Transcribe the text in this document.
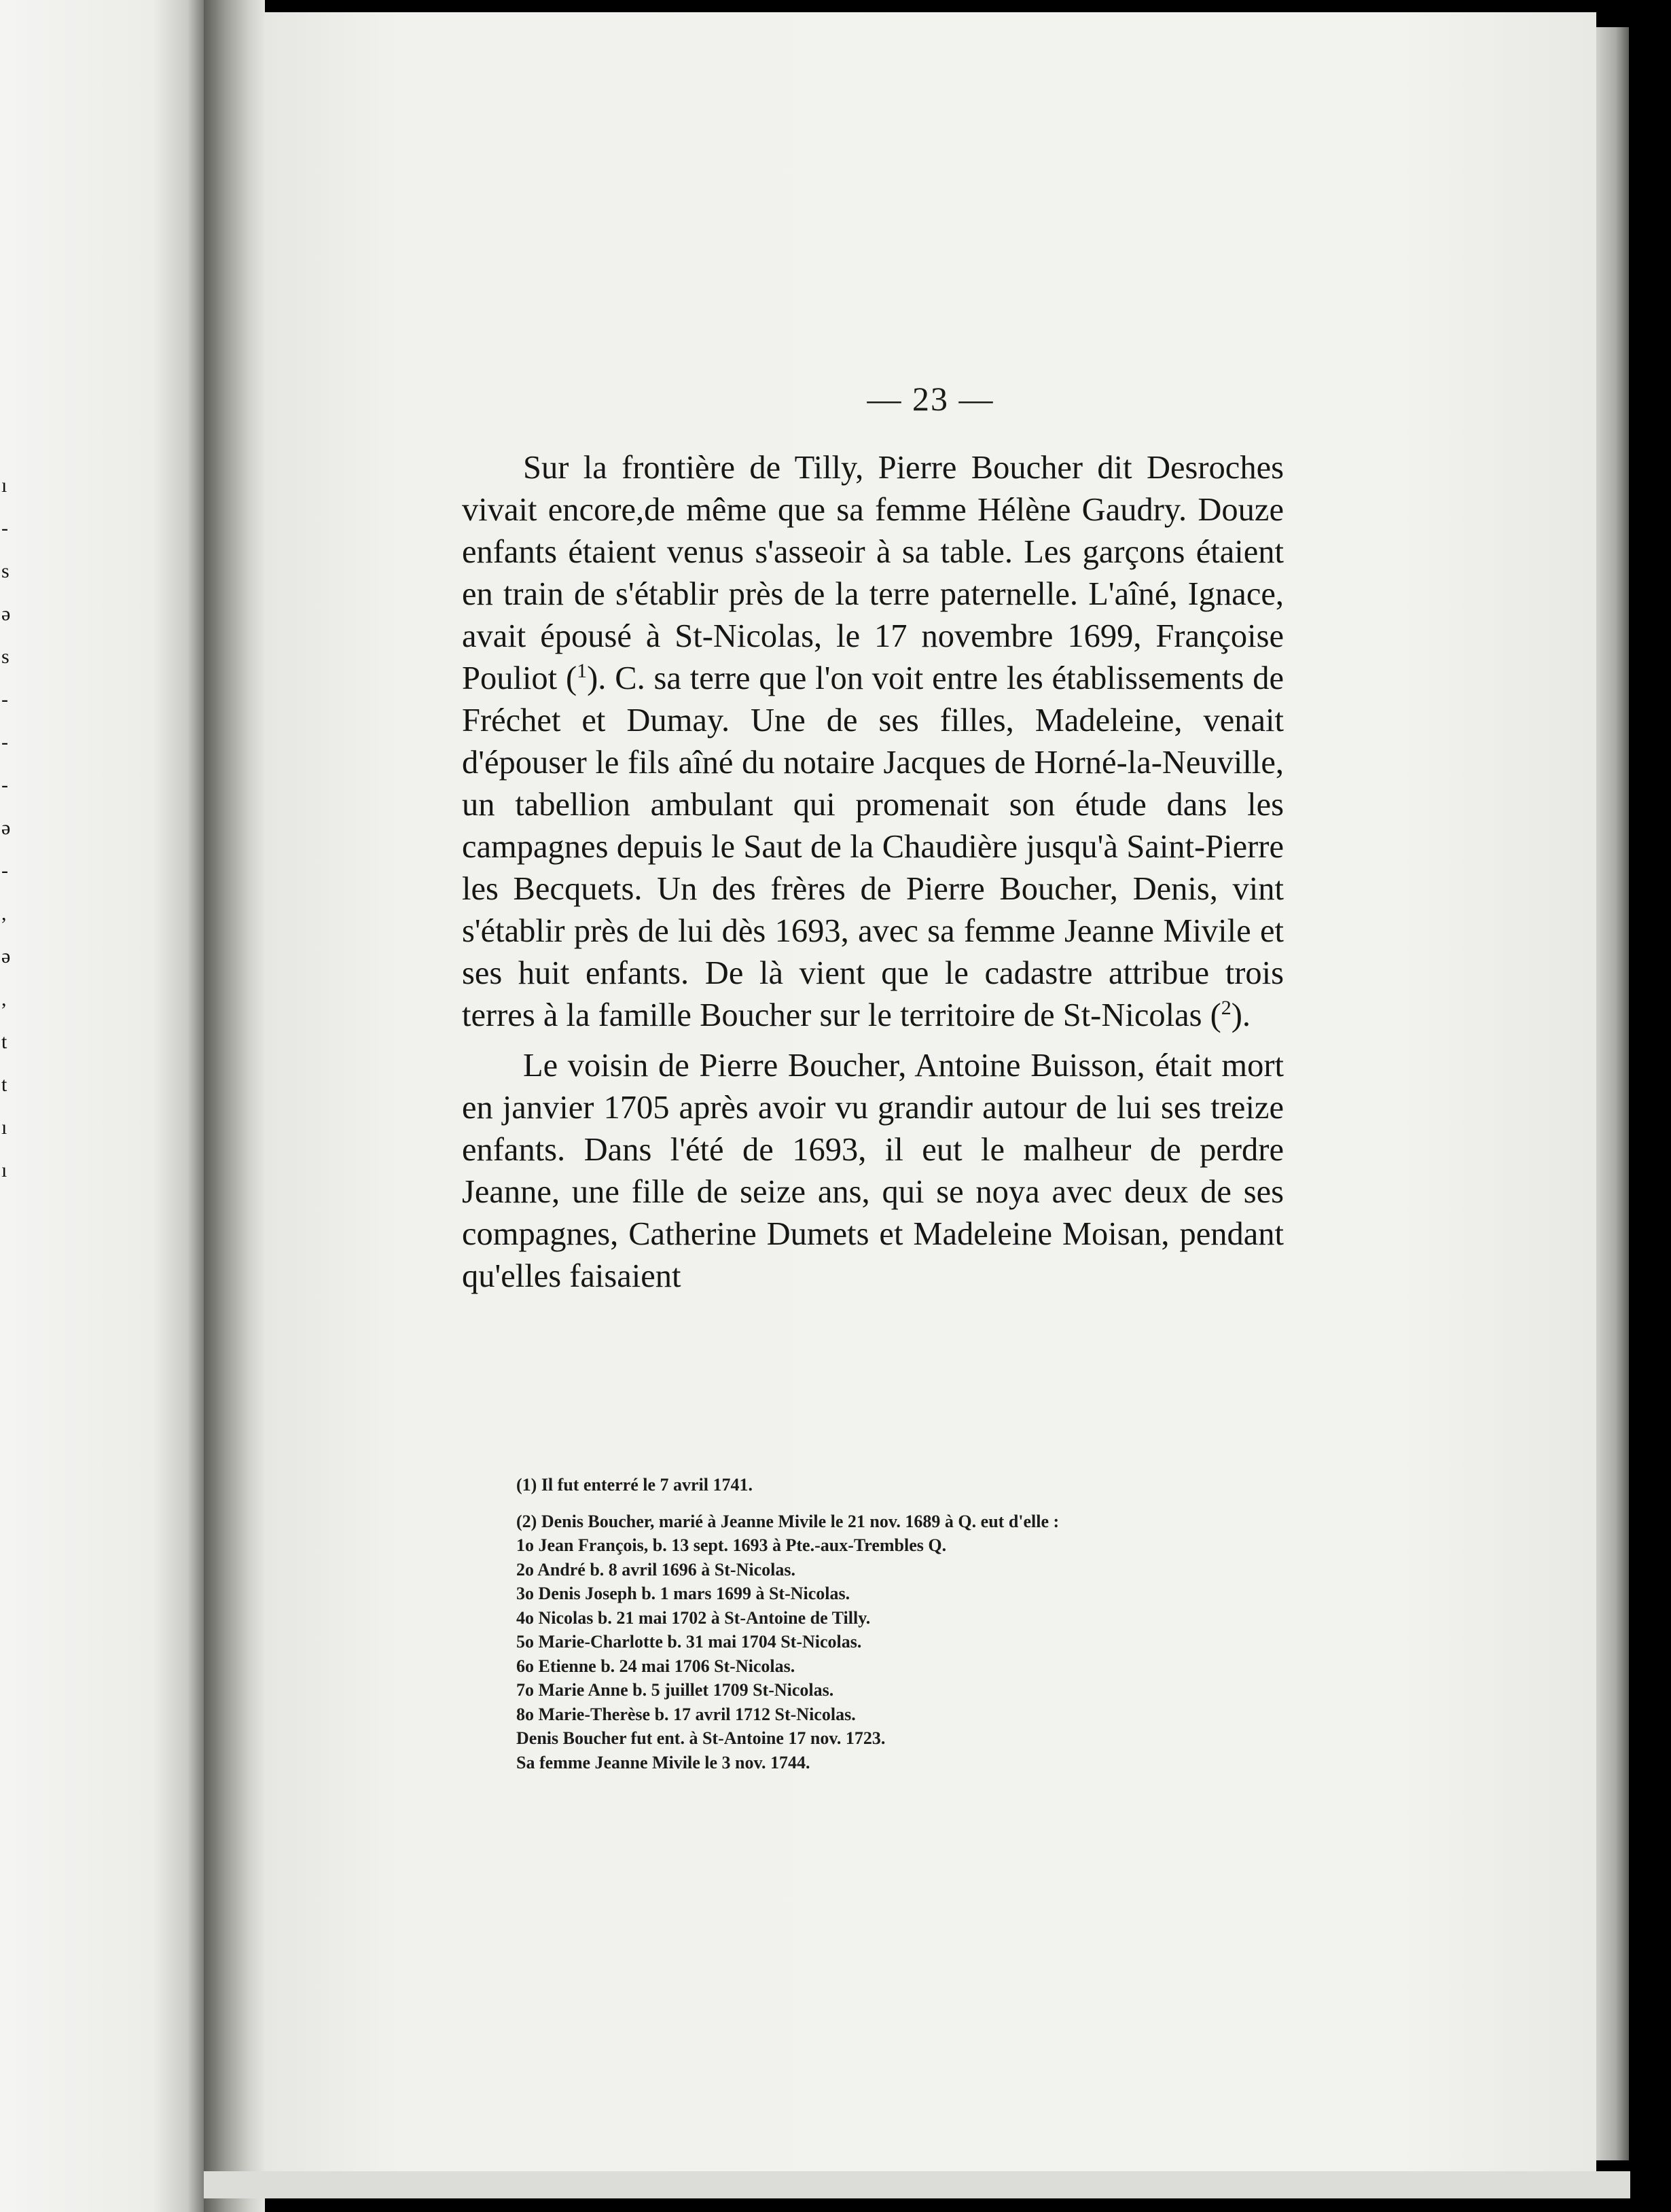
ı
-
s
ə
s
-
-
-
ə
-
,
ə
,
t
t
ı
ı
— 23 —

Sur la frontière de Tilly, Pierre Boucher dit Desroches vivait encore,de même que sa femme Hélène Gaudry. Douze enfants étaient venus s'asseoir à sa table. Les garçons étaient en train de s'établir près de la terre paternelle. L'aîné, Ignace, avait épousé à St-Nicolas, le 17 novembre 1699, Françoise Pouliot ($^1$). C. sa terre que l'on voit entre les établissements de Fréchet et Dumay. Une de ses filles, Madeleine, venait d'épouser le fils aîné du notaire Jacques de Horné-la-Neuville, un tabellion ambulant qui promenait son étude dans les campagnes depuis le Saut de la Chaudière jusqu'à Saint-Pierre les Becquets. Un des frères de Pierre Boucher, Denis, vint s'établir près de lui dès 1693, avec sa femme Jeanne Mivile et ses huit enfants. De là vient que le cadastre attribue trois terres à la famille Boucher sur le territoire de St-Nicolas ($^2$).

Le voisin de Pierre Boucher, Antoine Buisson, était mort en janvier 1705 après avoir vu grandir autour de lui ses treize enfants. Dans l'été de 1693, il eut le malheur de perdre Jeanne, une fille de seize ans, qui se noya avec deux de ses compagnes, Catherine Dumets et Madeleine Moisan, pendant qu'elles faisaient

(1) Il fut enterré le 7 avril 1741.

(2) Denis Boucher, marié à Jeanne Mivile le 21 nov. 1689 à Q. eut d'elle :
1o Jean François, b. 13 sept. 1693 à Pte.-aux-Trembles Q.
2o André b. 8 avril 1696 à St-Nicolas.
3o Denis Joseph b. 1 mars 1699 à St-Nicolas.
4o Nicolas b. 21 mai 1702 à St-Antoine de Tilly.
5o Marie-Charlotte b. 31 mai 1704 St-Nicolas.
6o Etienne b. 24 mai 1706 St-Nicolas.
7o Marie Anne b. 5 juillet 1709 St-Nicolas.
8o Marie-Therèse b. 17 avril 1712 St-Nicolas.
Denis Boucher fut ent. à St-Antoine 17 nov. 1723.
Sa femme Jeanne Mivile le 3 nov. 1744.
